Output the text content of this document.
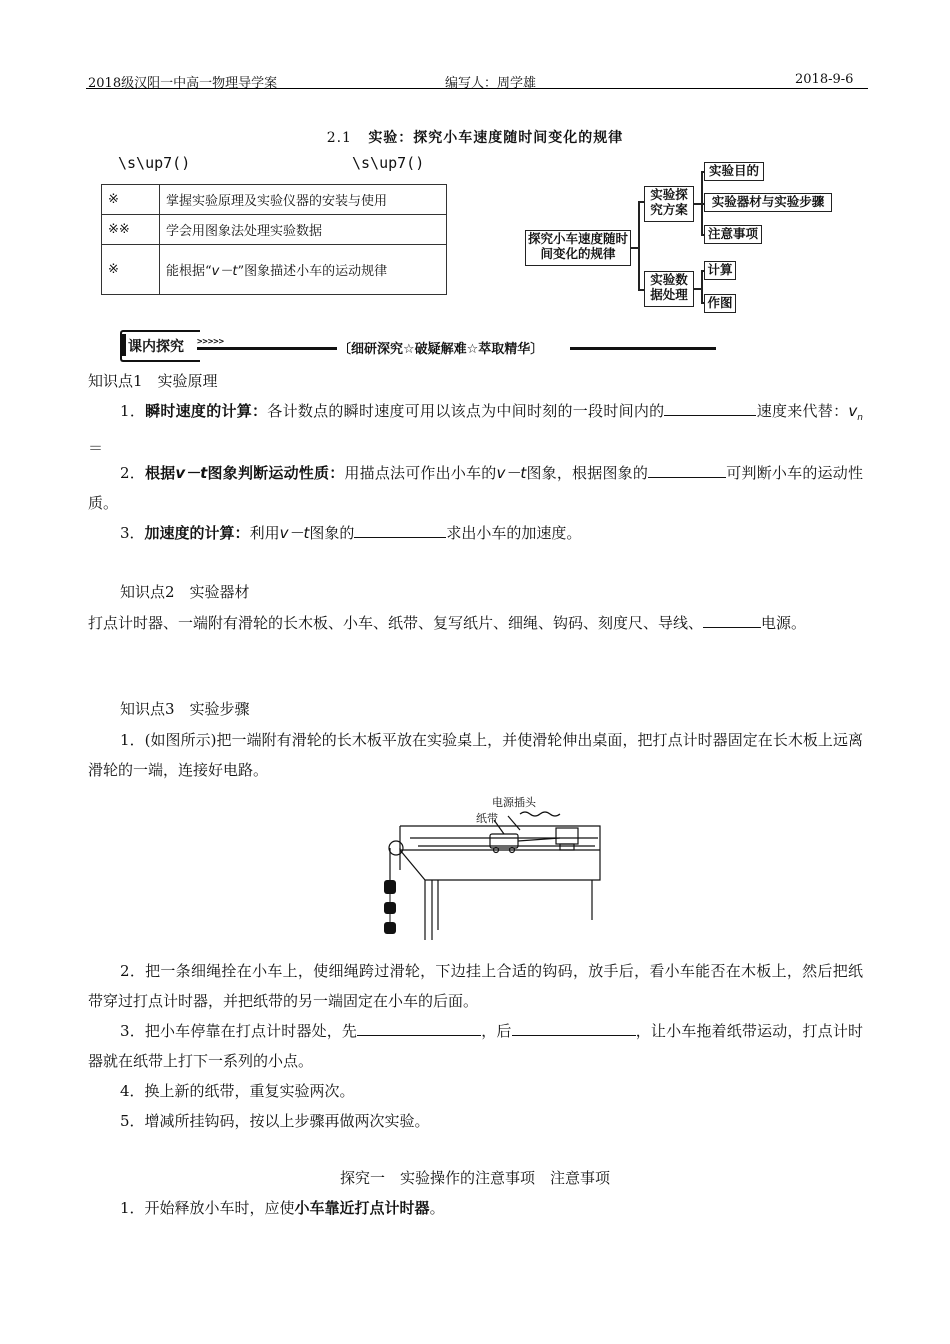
2018级汉阳一中高一物理导学案	编写人：周学雄	2018-9-6
2.1 实验：探究小车速度随时间变化的规律
\s\up7()	\s\up7()
※	掌握实验原理及实验仪器的安装与使用
※※	学会用图象法处理实验数据
※	能根据“v－t”图象描述小车的运动规律
探究小车速度随时间变化的规律
实验探究方案
实验目的
实验器材与实验步骤
注意事项
实验数据处理
计算
作图
课内探究 >>>>>	〔细研深究☆破疑解难☆萃取精华〕
知识点1　实验原理
1．瞬时速度的计算：各计数点的瞬时速度可用以该点为中间时刻的一段时间内的	速度来代替：$v_n=$
2．根据v－t图象判断运动性质：用描点法可作出小车的v－t图象，根据图象的	可判断小车的运动性质。
3．加速度的计算：利用v－t图象的	求出小车的加速度。
知识点2　实验器材
打点计时器、一端附有滑轮的长木板、小车、纸带、复写纸片、细绳、钩码、刻度尺、导线、	电源。
知识点3　实验步骤
1．(如图所示)把一端附有滑轮的长木板平放在实验桌上，并使滑轮伸出桌面，把打点计时器固定在长木板上远离滑轮的一端，连接好电路。
电源插头
纸带
2．把一条细绳拴在小车上，使细绳跨过滑轮，下边挂上合适的钩码，放手后，看小车能否在木板上，然后把纸带穿过打点计时器，并把纸带的另一端固定在小车的后面。
3．把小车停靠在打点计时器处，先	，后	，让小车拖着纸带运动，打点计时器就在纸带上打下一系列的小点。
4．换上新的纸带，重复实验两次。
5．增减所挂钩码，按以上步骤再做两次实验。
探究一　实验操作的注意事项　注意事项
1．开始释放小车时，应使小车靠近打点计时器。
